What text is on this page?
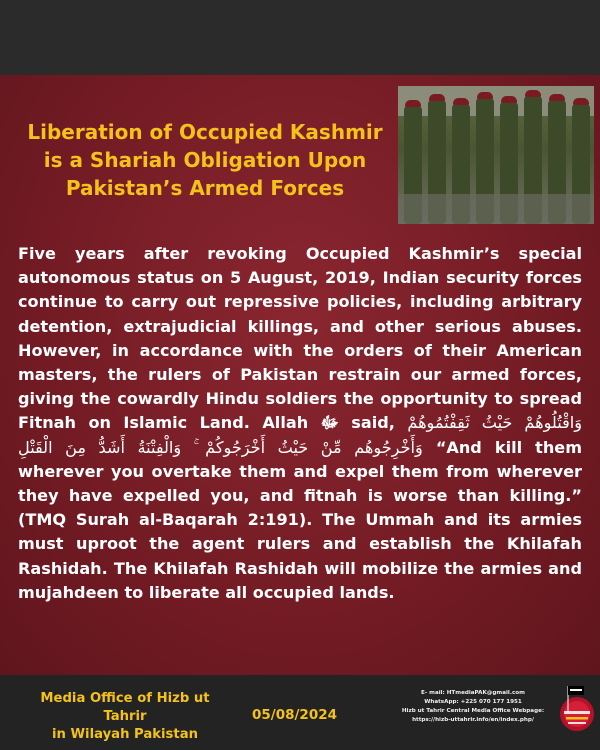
Liberation of Occupied Kashmir
is a Shariah Obligation Upon
Pakistan’s Armed Forces
Five years after revoking Occupied Kashmir’s special autonomous status on 5 August, 2019, Indian security forces continue to carry out repressive policies, including arbitrary detention, extrajudicial killings, and other serious abuses. However, in accordance with the orders of their American masters, the rulers of Pakistan restrain our armed forces, giving the cowardly Hindu soldiers the opportunity to spread Fitnah on Islamic Land. Allah ﷻ said, وَاقْتُلُوهُمْ حَيْثُ ثَقِفْتُمُوهُمْ وَأَخْرِجُوهُم مِّنْ حَيْثُ أَخْرَجُوكُمْ ۚ وَالْفِتْنَةُ أَشَدُّ مِنَ الْقَتْلِ “And kill them wherever you overtake them and expel them from wherever they have expelled you, and fitnah is worse than killing.” (TMQ Surah al-Baqarah 2:191). The Ummah and its armies must uproot the agent rulers and establish the Khilafah Rashidah. The Khilafah Rashidah will mobilize the armies and mujahdeen to liberate all occupied lands.
Media Office of Hizb ut Tahrir
in Wilayah Pakistan
05/08/2024
E- mail: HTmediaPAK@gmail.com
WhatsApp: +225 070 177 1951
Hizb ut Tahrir Central Media Office Webpage:
https://hizb-uttahrir.info/en/index.php/
